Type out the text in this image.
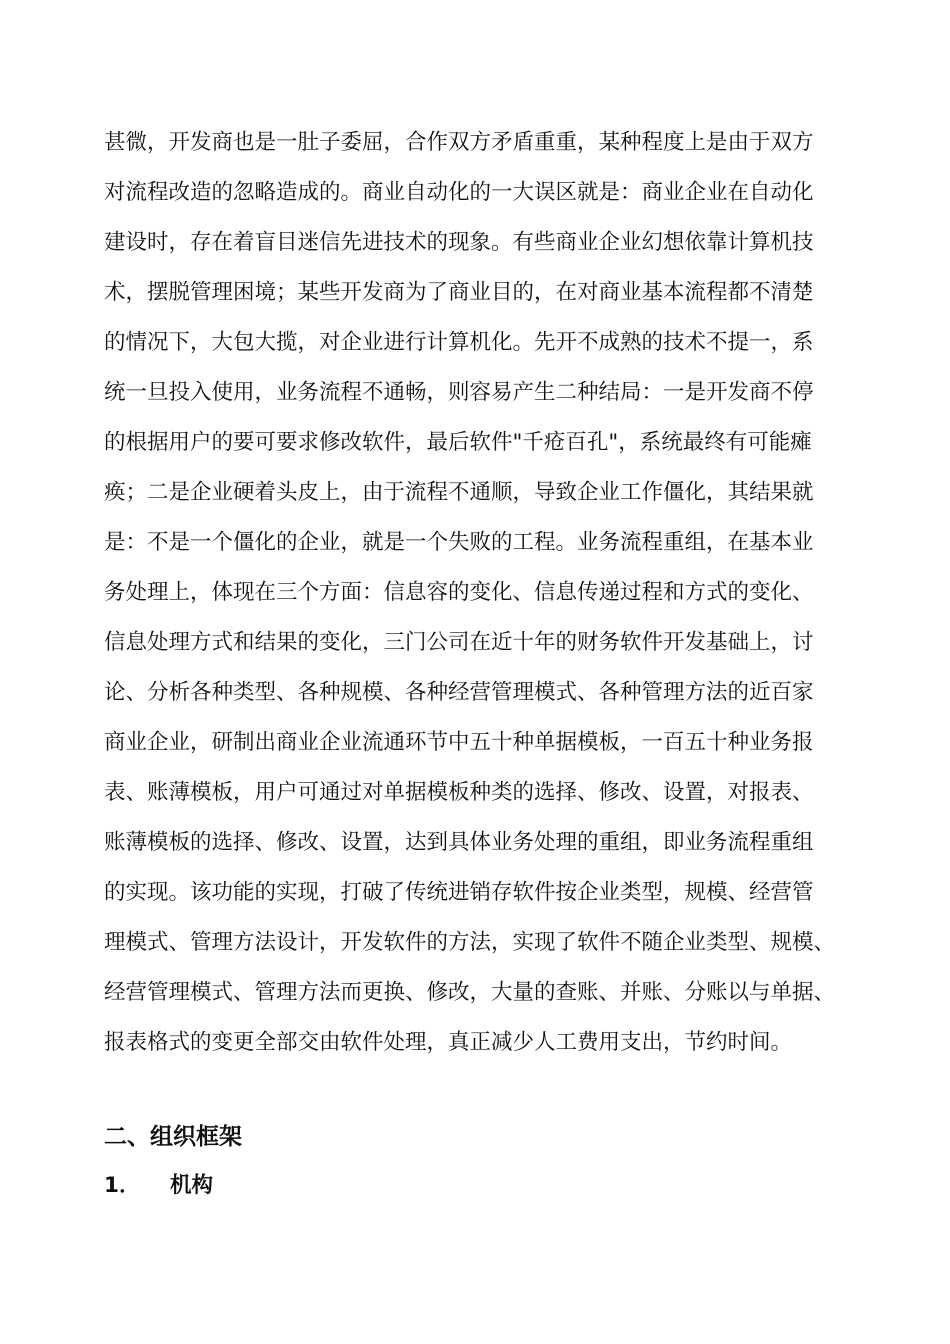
甚微，开发商也是一肚子委屈，合作双方矛盾重重，某种程度上是由于双方
对流程改造的忽略造成的。商业自动化的一大误区就是：商业企业在自动化
建设时，存在着盲目迷信先进技术的现象。有些商业企业幻想依靠计算机技
术，摆脱管理困境；某些开发商为了商业目的，在对商业基本流程都不清楚
的情况下，大包大揽，对企业进行计算机化。先开不成熟的技术不提一，系
统一旦投入使用，业务流程不通畅，则容易产生二种结局：一是开发商不停
的根据用户的要可要求修改软件，最后软件"千疮百孔"，系统最终有可能瘫
痪；二是企业硬着头皮上，由于流程不通顺，导致企业工作僵化，其结果就
是：不是一个僵化的企业，就是一个失败的工程。业务流程重组，在基本业
务处理上，体现在三个方面：信息容的变化、信息传递过程和方式的变化、
信息处理方式和结果的变化，三门公司在近十年的财务软件开发基础上，讨
论、分析各种类型、各种规模、各种经营管理模式、各种管理方法的近百家
商业企业，研制出商业企业流通环节中五十种单据模板，一百五十种业务报
表、账薄模板，用户可通过对单据模板种类的选择、修改、设置，对报表、
账薄模板的选择、修改、设置，达到具体业务处理的重组，即业务流程重组
的实现。该功能的实现，打破了传统进销存软件按企业类型，规模、经营管
理模式、管理方法设计，开发软件的方法，实现了软件不随企业类型、规模、
经营管理模式、管理方法而更换、修改，大量的查账、并账、分账以与单据、
报表格式的变更全部交由软件处理，真正减少人工费用支出，节约时间。
二、组织框架
1． 机构
